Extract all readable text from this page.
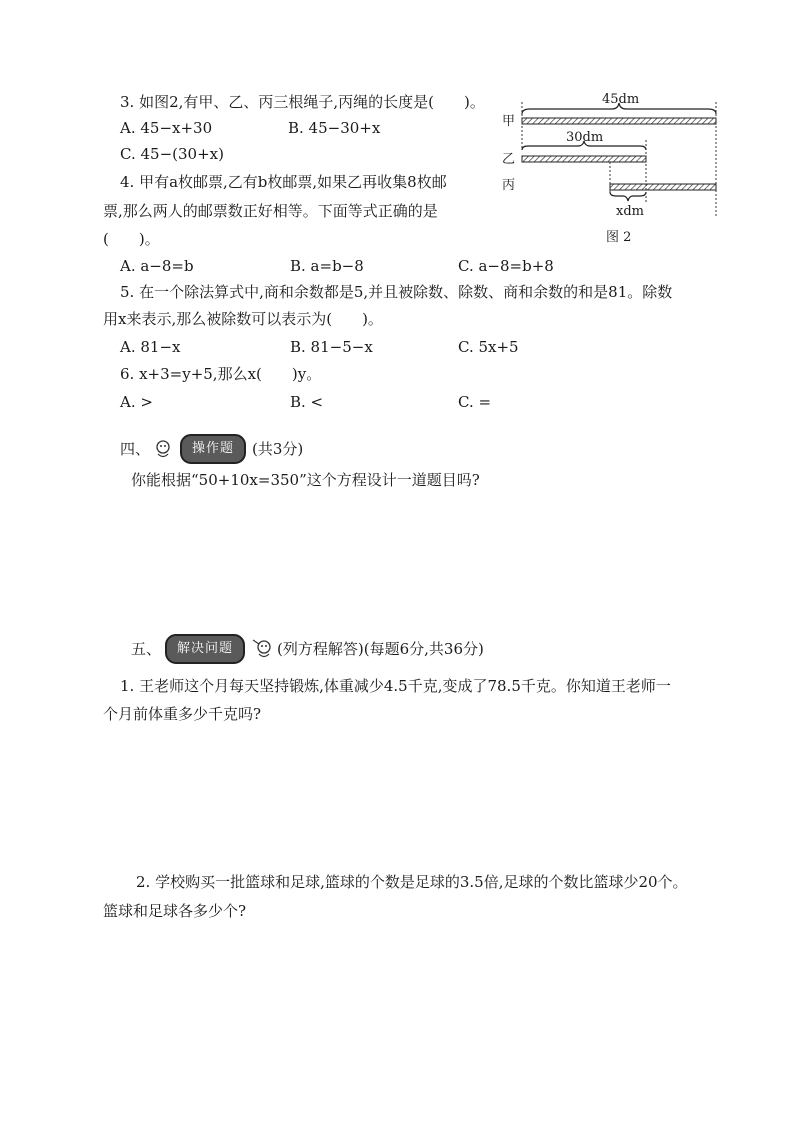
3. 如图2,有甲、乙、丙三根绳子,丙绳的长度是(　　)。
A. 45−x+30	B. 45−30+x
C. 45−(30+x)
45dm
30dm
xdm
甲
乙
丙
图 2
4. 甲有a枚邮票,乙有b枚邮票,如果乙再收集8枚邮
票,那么两人的邮票数正好相等。下面等式正确的是
(　　)。
A. a−8=b	B. a=b−8	C. a−8=b+8
5. 在一个除法算式中,商和余数都是5,并且被除数、除数、商和余数的和是81。除数
用x来表示,那么被除数可以表示为(　　)。
A. 81−x	B. 81−5−x	C. 5x+5
6. x+3=y+5,那么x(　　)y。
A. >	B. <	C. =
四、	操作题	(共3分)
你能根据“50+10x=350”这个方程设计一道题目吗?
五、	解决问题	(列方程解答)(每题6分,共36分)
1. 王老师这个月每天坚持锻炼,体重减少4.5千克,变成了78.5千克。你知道王老师一
个月前体重多少千克吗?
2. 学校购买一批篮球和足球,篮球的个数是足球的3.5倍,足球的个数比篮球少20个。
篮球和足球各多少个?
